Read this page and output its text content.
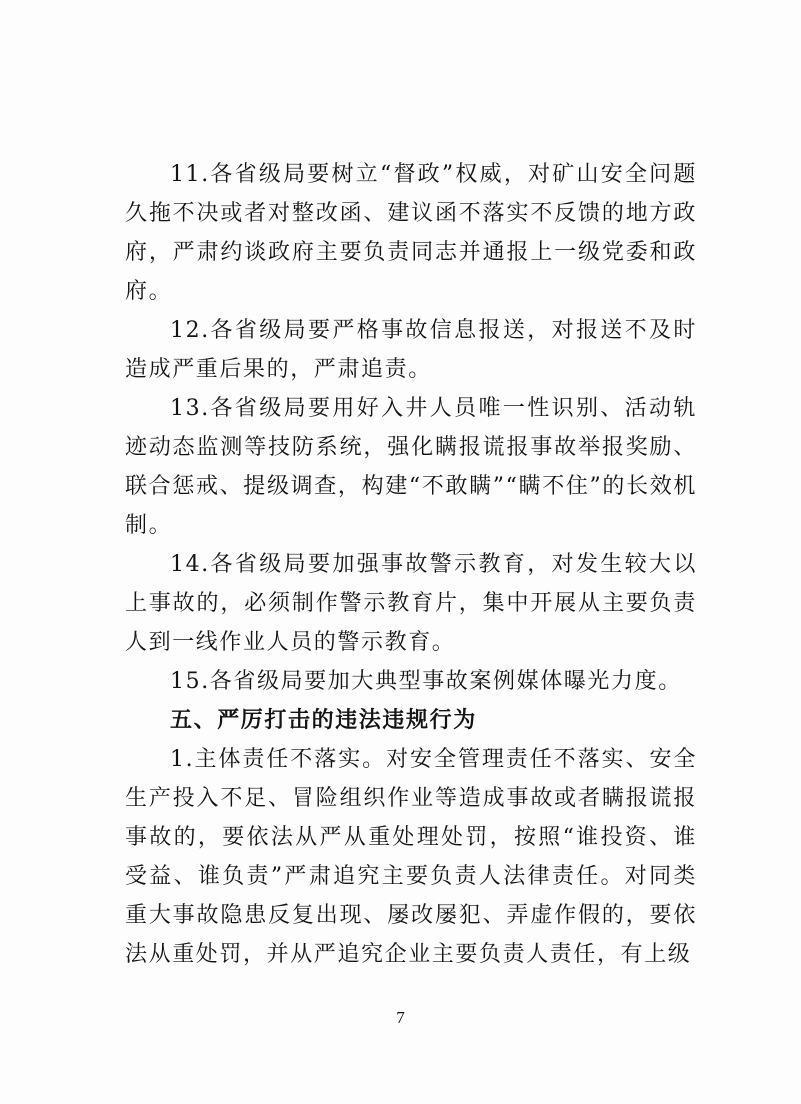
11.各省级局要树立“督政”权威，对矿山安全问题久拖不决或者对整改函、建议函不落实不反馈的地方政府，严肃约谈政府主要负责同志并通报上一级党委和政府。

12.各省级局要严格事故信息报送，对报送不及时造成严重后果的，严肃追责。

13.各省级局要用好入井人员唯一性识别、活动轨迹动态监测等技防系统，强化瞒报谎报事故举报奖励、联合惩戒、提级调查，构建“不敢瞒”“瞒不住”的长效机制。

14.各省级局要加强事故警示教育，对发生较大以上事故的，必须制作警示教育片，集中开展从主要负责人到一线作业人员的警示教育。

15.各省级局要加大典型事故案例媒体曝光力度。

五、严厉打击的违法违规行为

1.主体责任不落实。对安全管理责任不落实、安全生产投入不足、冒险组织作业等造成事故或者瞒报谎报事故的，要依法从严从重处理处罚，按照“谁投资、谁受益、谁负责”严肃追究主要负责人法律责任。对同类重大事故隐患反复出现、屡改屡犯、弄虚作假的，要依法从重处罚，并从严追究企业主要负责人责任，有上级

7
